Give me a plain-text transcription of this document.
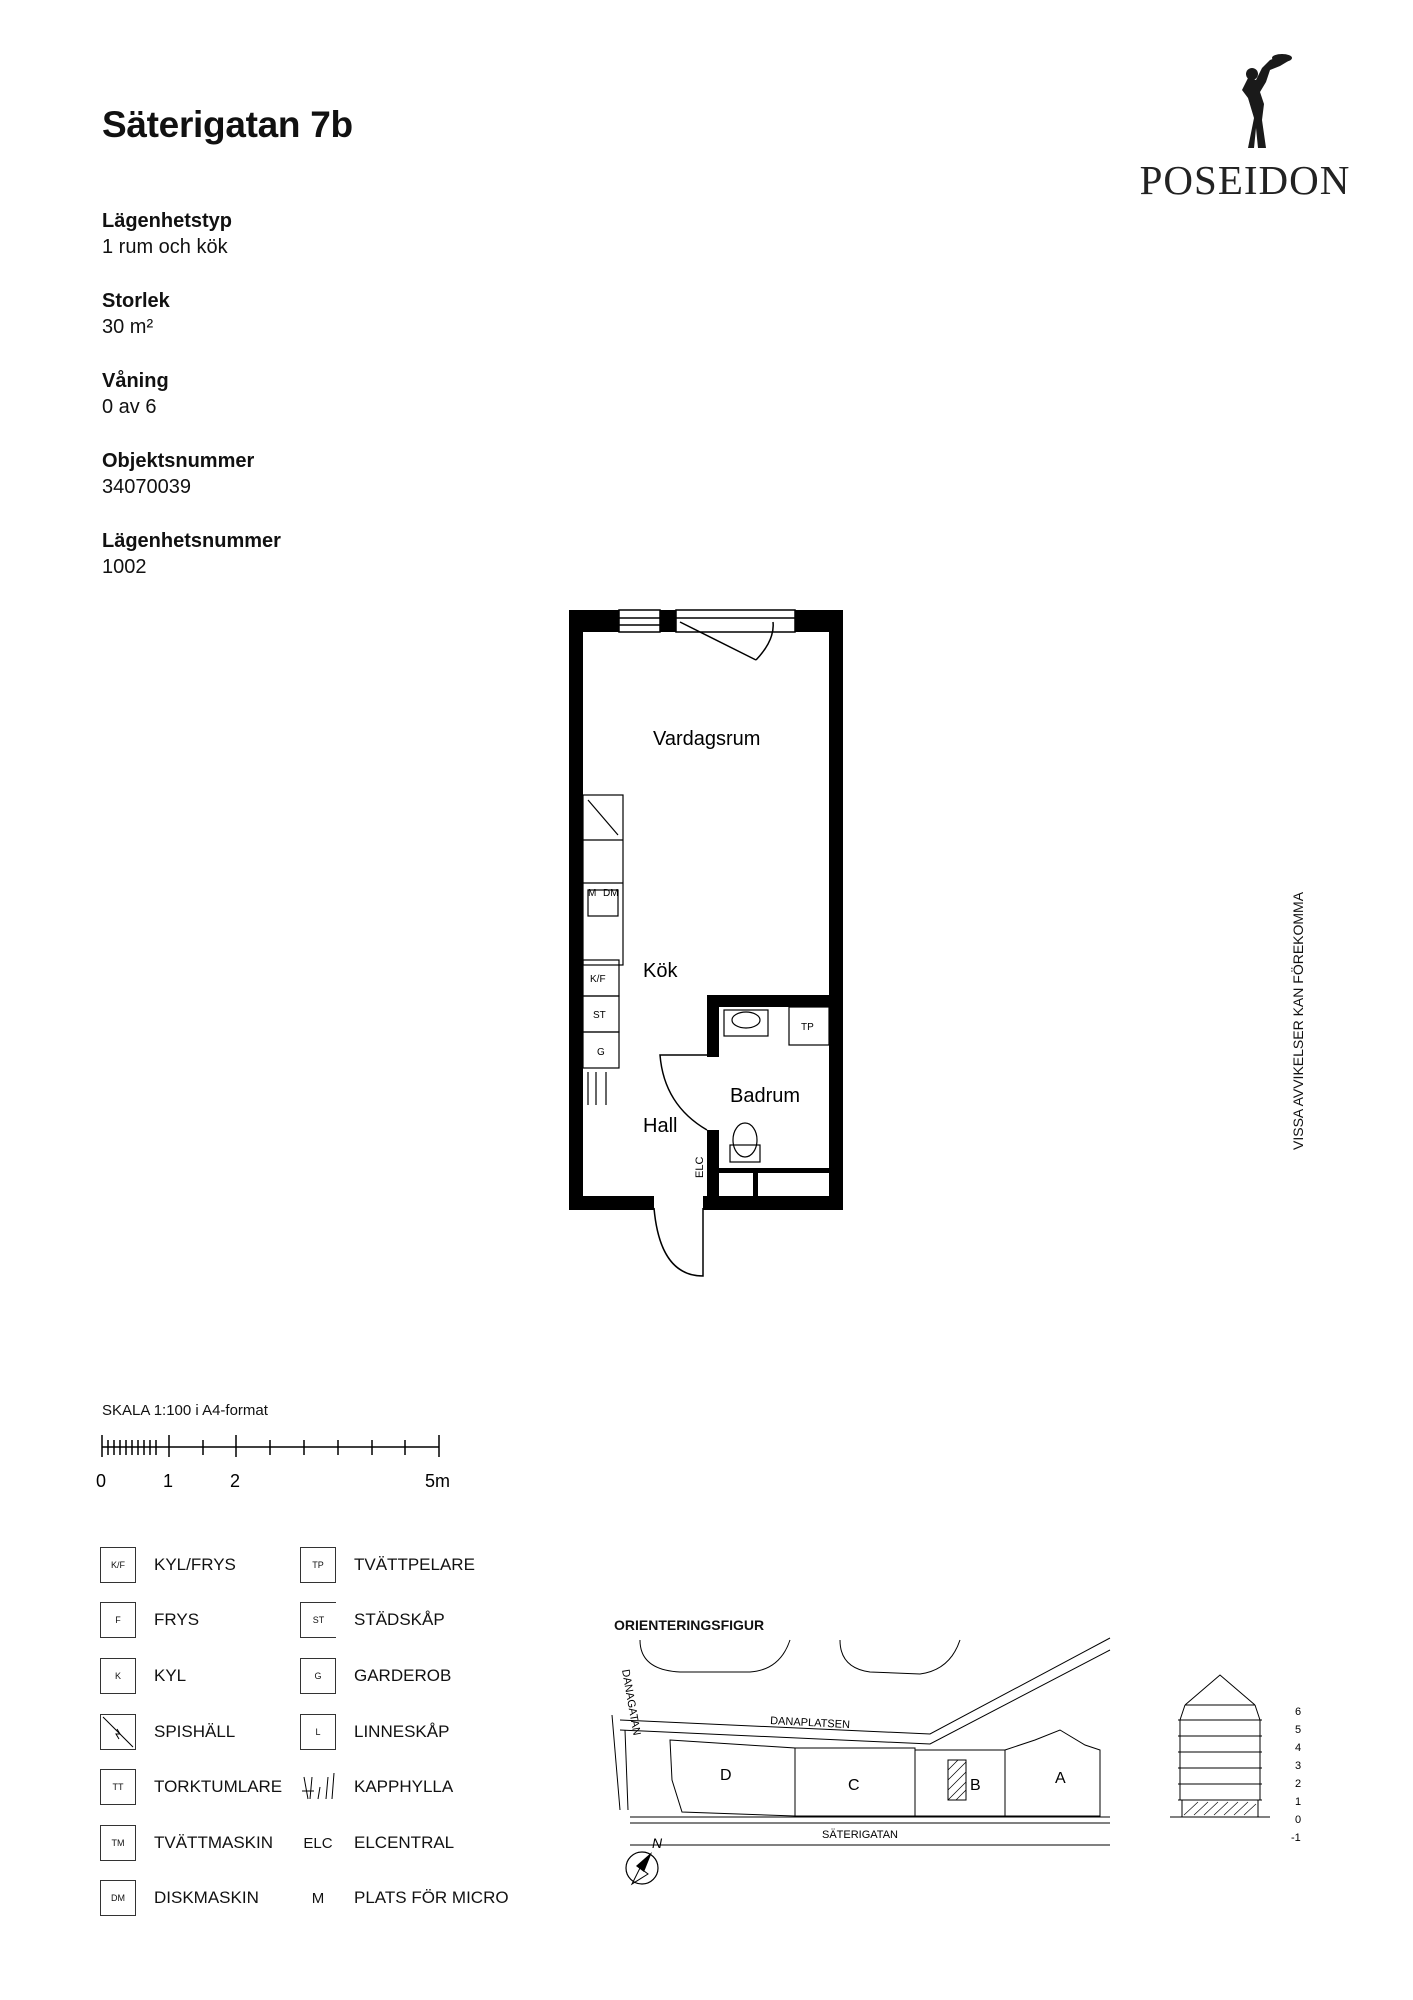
Säterigatan 7b
Lägenhetstyp
1 rum och kök
Storlek
30 m²
Våning
0 av 6
Objektsnummer
34070039
Lägenhetsnummer
1002
POSEIDON
VISSA AVVIKELSER KAN FÖREKOMMA
M DM
K/F
ST
G
TP
ELC
Vardagsrum
Kök
Badrum
Hall
SKALA 1:100 i A4-format
0	1	2	5m
K/F	KYL/FRYS
F	FRYS
K	KYL
SPISHÄLL
TT	TORKTUMLARE
TM	TVÄTTMASKIN
DM	DISKMASKIN
TP	TVÄTTPELARE
ST	STÄDSKÅP
G	GARDEROB
L	LINNESKÅP
KAPPHYLLA
ELC ELCENTRAL
M	PLATS FÖR MICRO
ORIENTERINGSFIGUR
D
C	B	A
DANAPLATSEN
DANAGATAN
SÄTERIGATAN
N
6
5
4
3
2
1
0
-1
